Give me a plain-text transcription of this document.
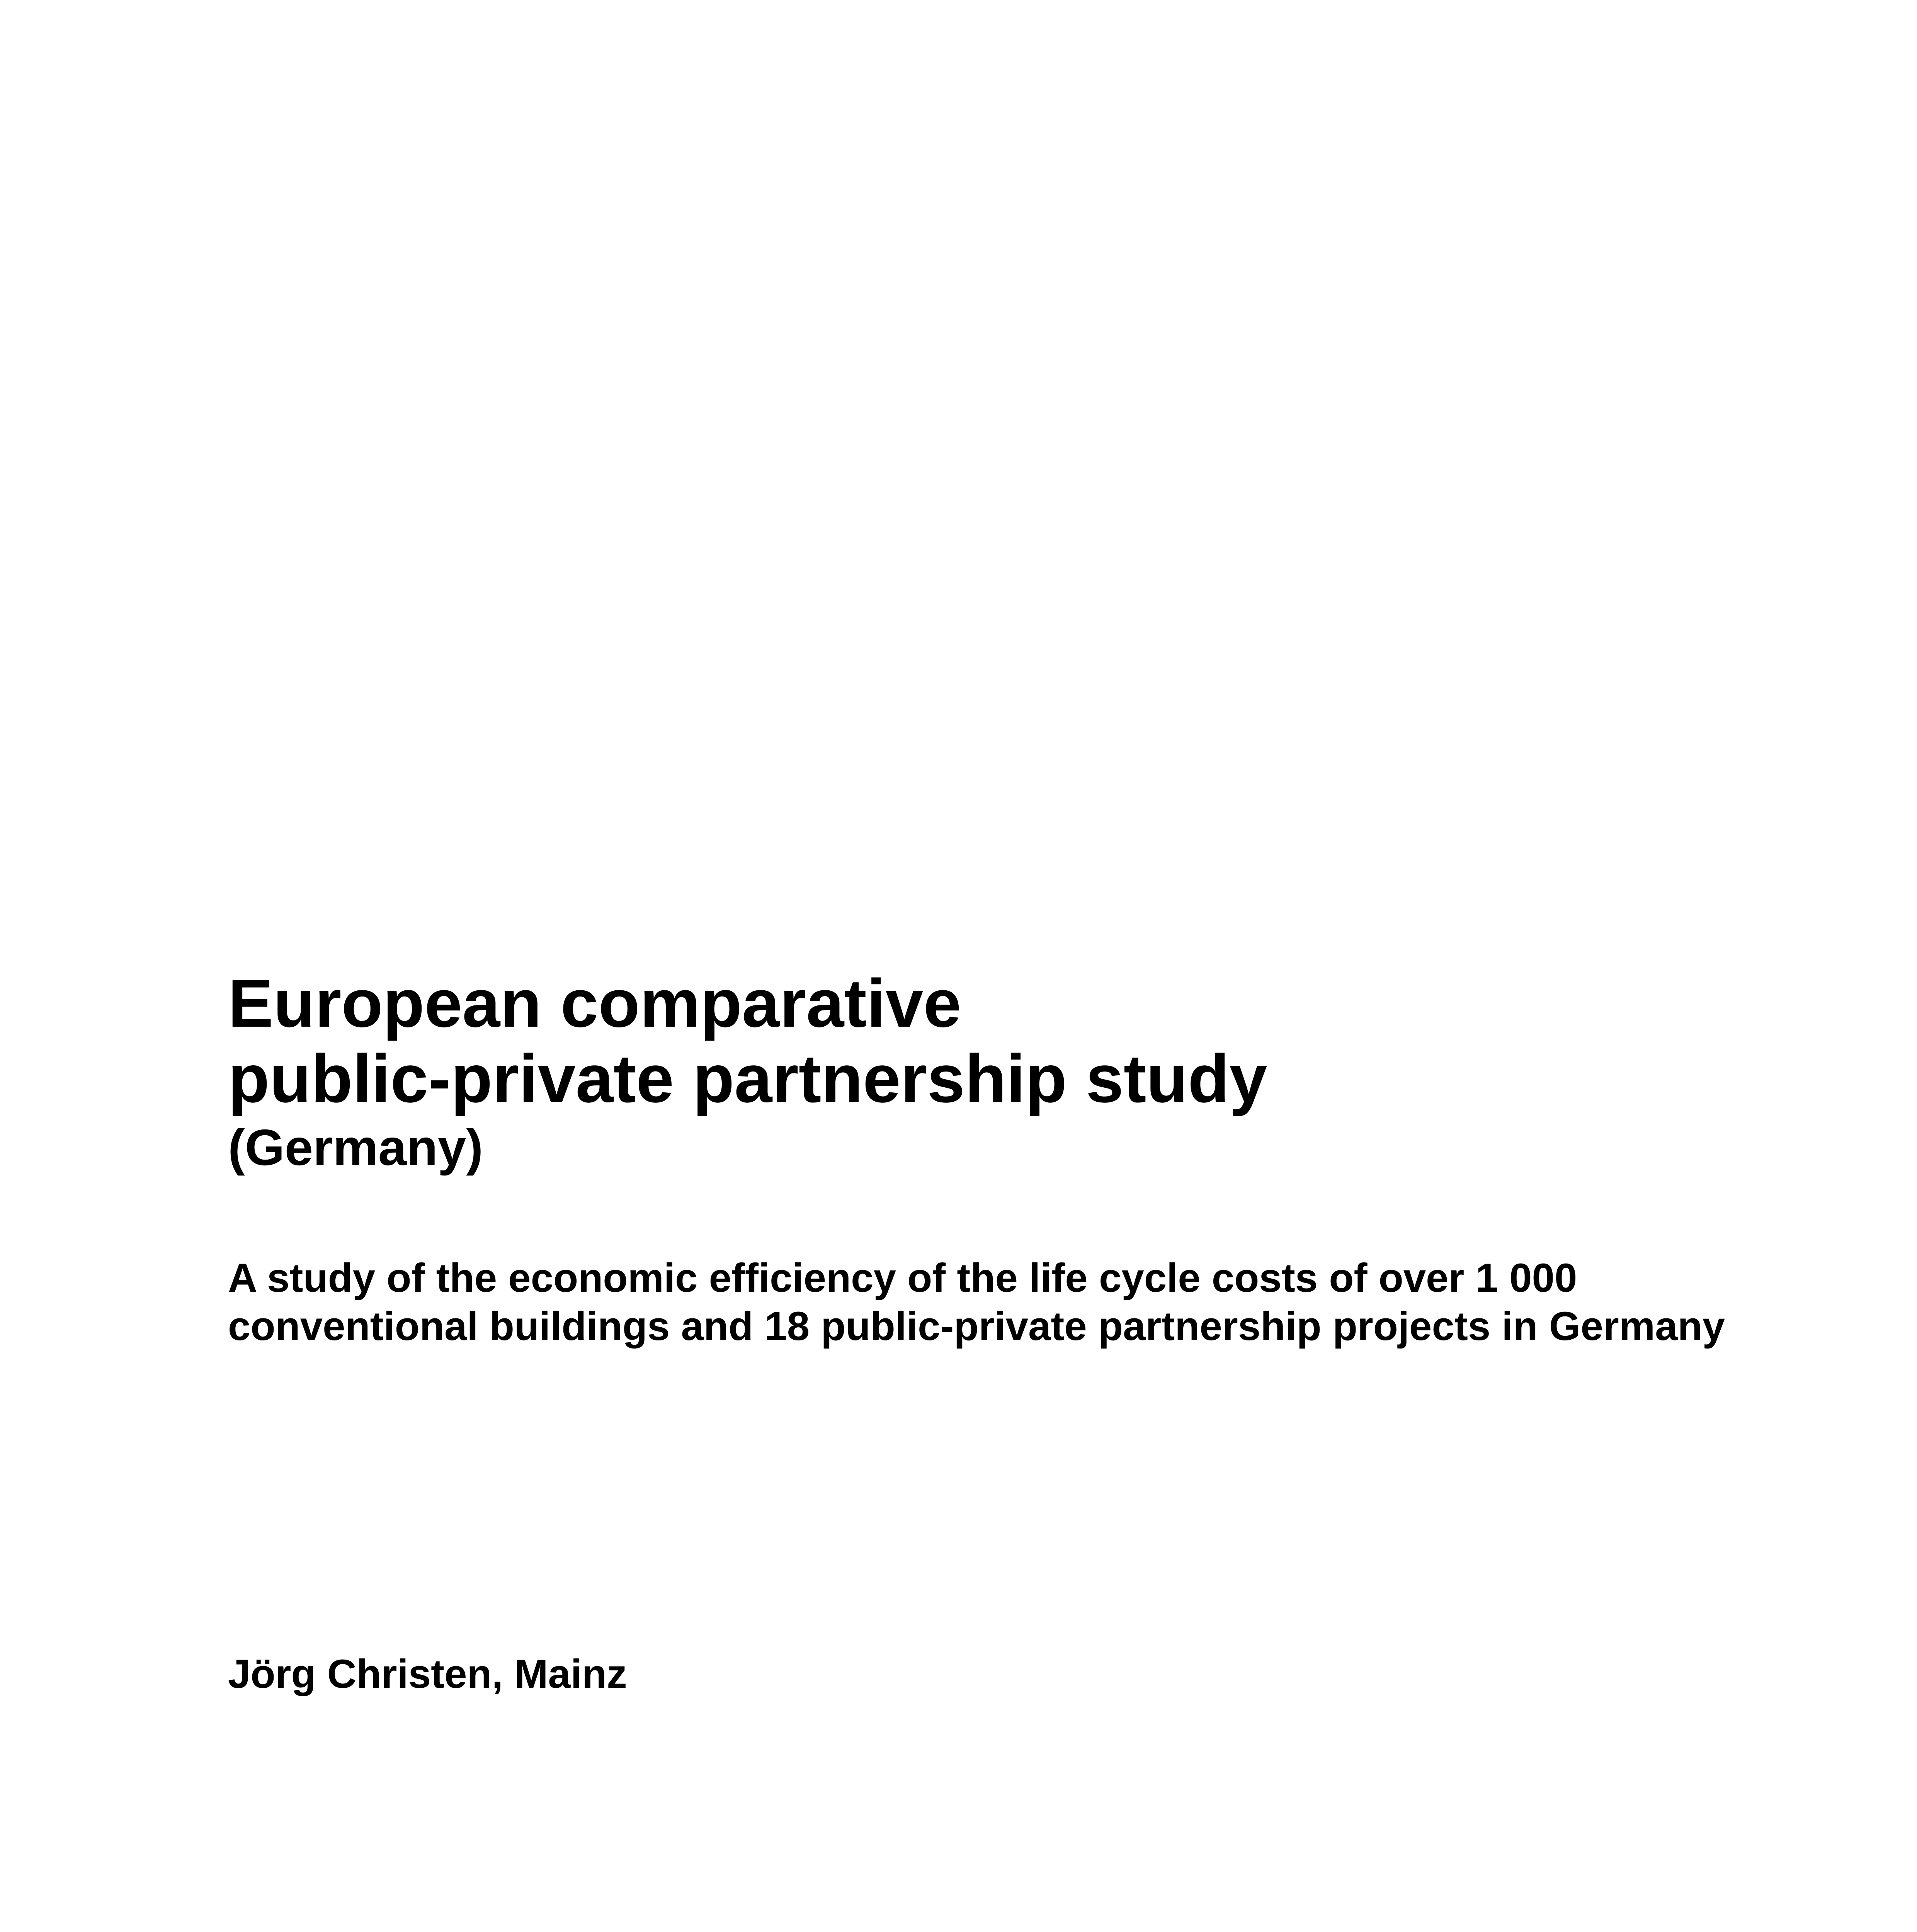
European comparative
public-private partnership study
(Germany)

A study of the economic efficiency of the life cycle costs of over 1 000 conventional buildings and 18 public-private partnership projects in Germany

Jörg Christen, Mainz
